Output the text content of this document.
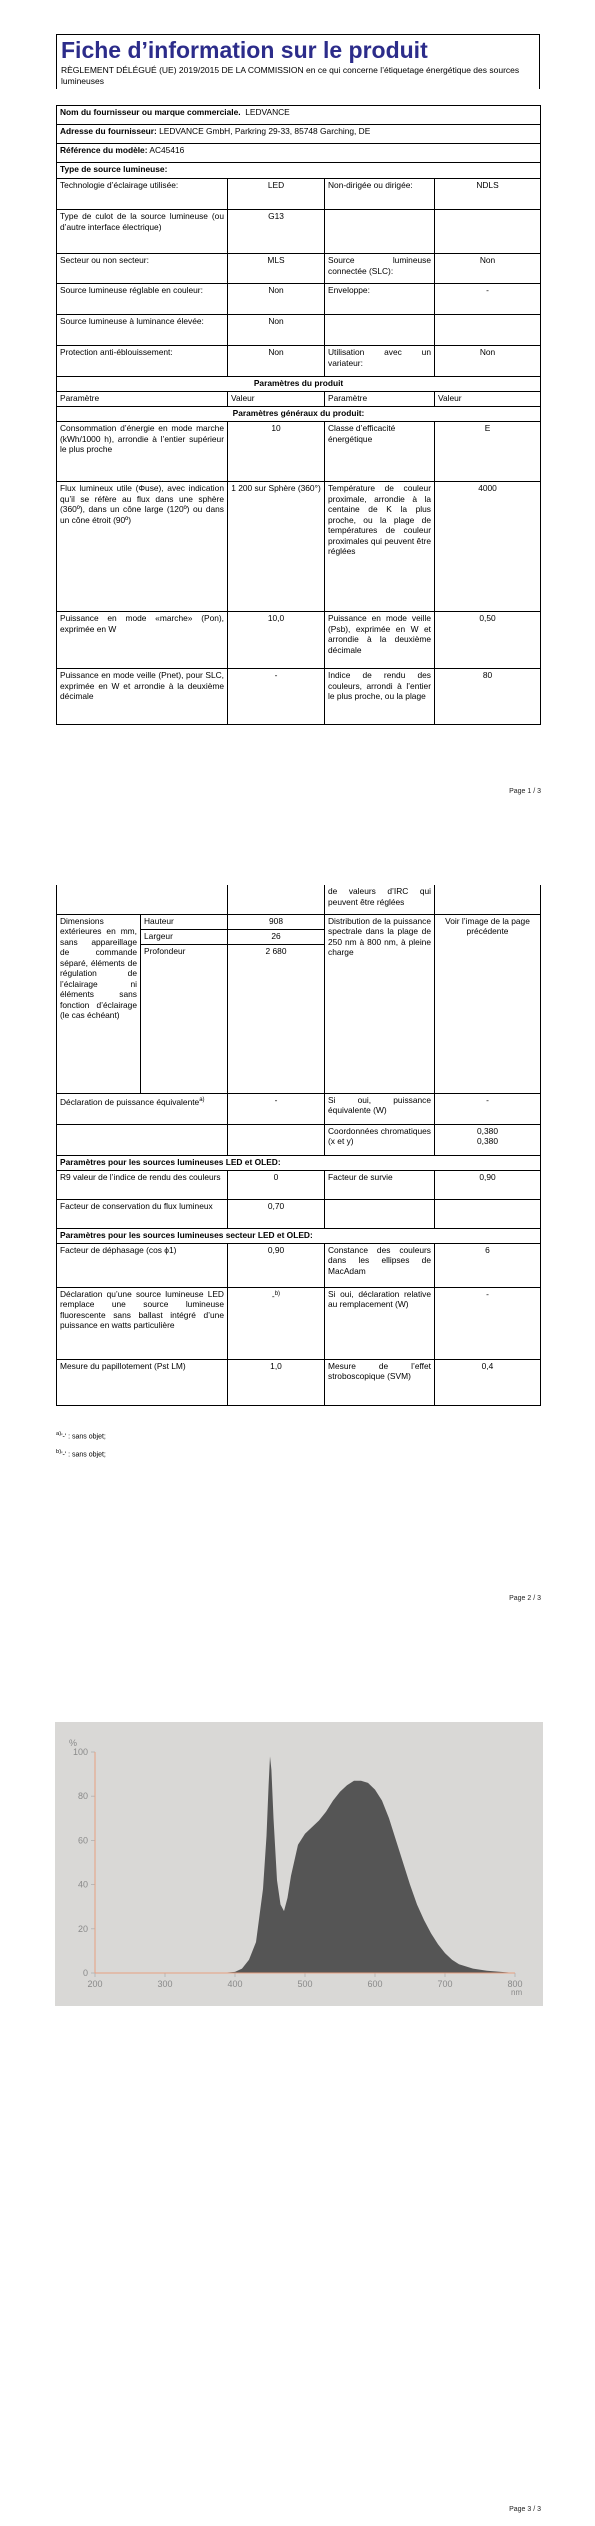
Fiche d’information sur le produit
RÈGLEMENT DÉLÉGUÉ (UE) 2019/2015 DE LA COMMISSION en ce qui concerne l’étiquetage énergétique des sources lumineuses
Nom du fournisseur ou marque commerciale. LEDVANCE			
Adresse du fournisseur: LEDVANCE GmbH, Parkring 29-33, 85748 Garching, DE			
Référence du modèle: AC45416			
Type de source lumineuse:			
Technologie d’éclairage utilisée:	LED	Non-dirigée ou dirigée:	NDLS
Type de culot de la source lumineuse (ou d’autre interface électrique)	G13		
Secteur ou non secteur:	MLS	Source lumineuse connectée (SLC):	Non
Source lumineuse réglable en couleur:	Non	Enveloppe:	-
Source lumineuse à luminance élevée:	Non		
Protection anti-éblouissement:	Non	Utilisation avec un variateur:	Non
Paramètres du produit			
Paramètre	Valeur	Paramètre	Valeur
Paramètres généraux du produit:			
Consommation d’énergie en mode marche (kWh/1000 h), arrondie à l’entier supérieur le plus proche	10	Classe d’efficacité énergétique	E
Flux lumineux utile (Φuse), avec indication qu’il se réfère au flux dans une sphère (360º), dans un cône large (120º) ou dans un cône étroit (90º)	1 200 sur Sphère (360°)	Température de couleur proximale, arrondie à la centaine de K la plus proche, ou la plage de températures de couleur proximales qui peuvent être réglées	4000
Puissance en mode «marche» (Pon), exprimée en W	10,0	Puissance en mode veille (Psb), exprimée en W et arrondie à la deuxième décimale	0,50
Puissance en mode veille (Pnet), pour SLC, exprimée en W et arrondie à la deuxième décimale	-	Indice de rendu des couleurs, arrondi à l’entier le plus proche, ou la plage	80
Page 1 / 3
			de valeurs d’IRC qui peuvent être réglées	
Dimensions extérieures en mm, sans appareillage de commande séparé, éléments de régulation de l’éclairage ni éléments sans fonction d’éclairage (le cas échéant)	Hauteur	908	Distribution de la puissance spectrale dans la plage de 250 nm à 800 nm, à pleine charge	Voir l’image de la page précédente
	Largeur	26		
	Profondeur	2 680		
Déclaration de puissance équivalente$^{a)}$		-	Si oui, puissance équivalente (W)	-
			Coordonnées chromatiques (x et y)	0,380
0,380

Paramètres pour les sources lumineuses LED et OLED:				
R9 valeur de l’indice de rendu des couleurs		0	Facteur de survie	0,90
Facteur de conservation du flux lumineux		0,70		
Paramètres pour les sources lumineuses secteur LED et OLED:				
Facteur de déphasage (cos ϕ1)		0,90	Constance des couleurs dans les ellipses de MacAdam	6
Déclaration qu’une source lumineuse LED remplace une source lumineuse fluorescente sans ballast intégré d’une puissance en watts particulière		-$^{b)}$	Si oui, déclaration relative au remplacement (W)	-
Mesure du papillotement (Pst LM)		1,0	Mesure de l’effet stroboscopique (SVM)	0,4
$^{a)}$'-' : sans objet;
$^{b)}$'-' : sans objet;
Page 2 / 3
0
20
40
60
80
100
200	300	400	500	600	700	800
%
nm
Page 3 / 3
